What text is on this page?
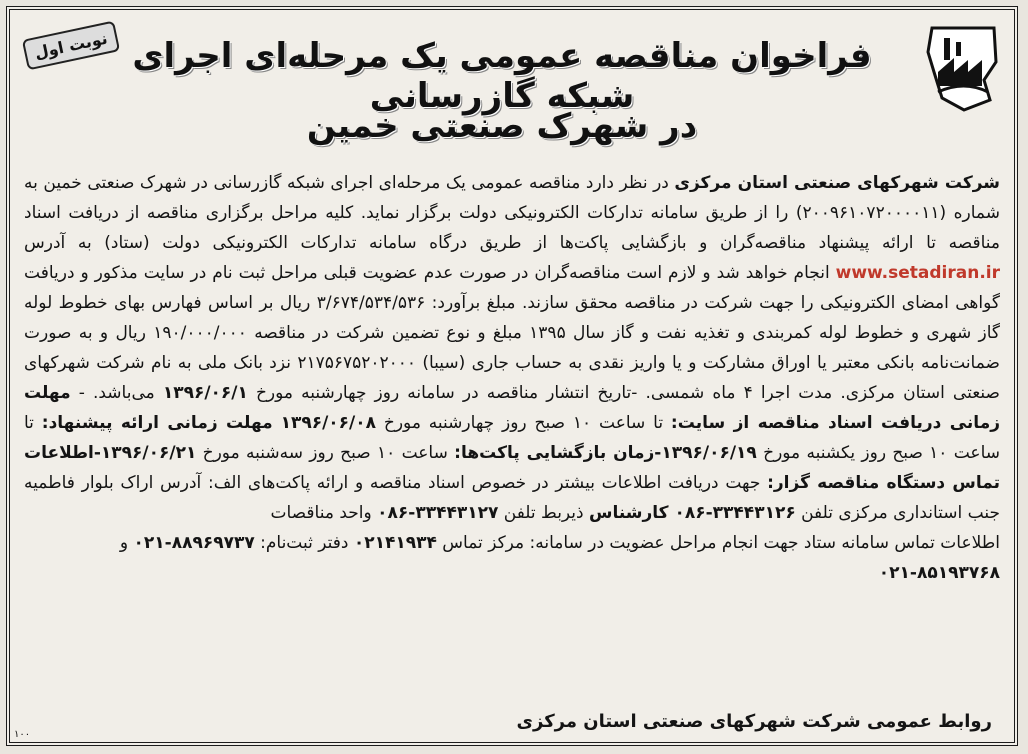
نوبت اول فراخوان مناقصه عمومی یک مرحله‌ای اجرای شبکه گازرسانی
در شهرک صنعتی خمین
شرکت شهرکهای صنعتی استان مرکزی در نظر دارد مناقصه عمومی یک مرحله‌ای اجرای شبکه گازرسانی در شهرک صنعتی خمین به شماره (۲۰۰۹۶۱۰۷۲۰۰۰۰۱۱) را از طریق سامانه تدارکات الکترونیکی دولت برگزار نماید. کلیه مراحل برگزاری مناقصه از دریافت اسناد مناقصه تا ارائه پیشنهاد مناقصه‌گران و بازگشایی پاکت‌ها از طریق درگاه سامانه تدارکات الکترونیکی دولت (ستاد) به آدرس www.setadiran.ir انجام خواهد شد و لازم است مناقصه‌گران در صورت عدم عضویت قبلی مراحل ثبت نام در سایت مذکور و دریافت گواهی امضای الکترونیکی را جهت شرکت در مناقصه محقق سازند. مبلغ برآورد: ۳/۶۷۴/۵۳۴/۵۳۶ ریال بر اساس فهارس بهای خطوط لوله گاز شهری و خطوط لوله کمربندی و تغذیه نفت و گاز سال ۱۳۹۵ مبلغ و نوع تضمین شرکت در مناقصه ۱۹۰/۰۰۰/۰۰۰ ریال و به صورت ضمانت‌نامه بانکی معتبر یا اوراق مشارکت و یا واریز نقدی به حساب جاری (سیبا) ۲۱۷۵۶۷۵۲۰۲۰۰۰ نزد بانک ملی به نام شرکت شهرکهای صنعتی استان مرکزی. مدت اجرا ۴ ماه شمسی. -تاریخ انتشار مناقصه در سامانه روز چهارشنبه مورخ ۱۳۹۶/۰۶/۱ می‌باشد. - مهلت زمانی دریافت اسناد مناقصه از سایت: تا ساعت ۱۰ صبح روز چهارشنبه مورخ ۱۳۹۶/۰۶/۰۸ مهلت زمانی ارائه پیشنهاد: تا ساعت ۱۰ صبح روز یکشنبه مورخ ۱۳۹۶/۰۶/۱۹-زمان بازگشایی پاکت‌ها: ساعت ۱۰ صبح روز سه‌شنبه مورخ ۱۳۹۶/۰۶/۲۱-اطلاعات تماس دستگاه مناقصه گزار: جهت دریافت اطلاعات بیشتر در خصوص اسناد مناقصه و ارائه پاکت‌های الف: آدرس اراک بلوار فاطمیه جنب استانداری مرکزی تلفن ۰۸۶-۳۳۴۴۳۱۲۶ کارشناس ذیربط تلفن ۰۸۶-۳۳۴۴۳۱۲۷ واحد مناقصات
اطلاعات تماس سامانه ستاد جهت انجام مراحل عضویت در سامانه: مرکز تماس ۰۲۱۴۱۹۳۴ دفتر ثبت‌نام: ۰۲۱-۸۸۹۶۹۷۳۷ و
۰۲۱-۸۵۱۹۳۷۶۸
روابط عمومی شرکت شهرکهای صنعتی استان مرکزی
۱۰۰
